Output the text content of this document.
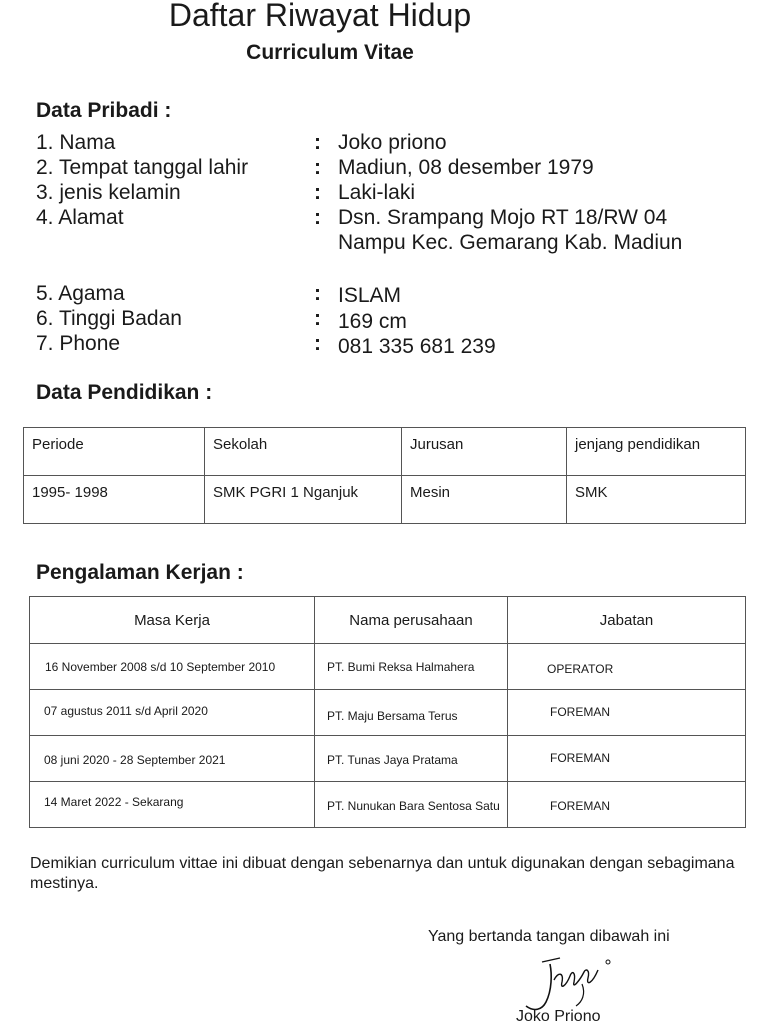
Daftar Riwayat Hidup
Curriculum Vitae
Data Pribadi :
1. Nama	: Joko priono
2. Tempat tanggal lahir	: Madiun, 08 desember 1979
3. jenis kelamin	: Laki-laki
4. Alamat	: Dsn. Srampang Mojo RT 18/RW 04
Nampu Kec. Gemarang Kab. Madiun
5. Agama	: ISLAM
6. Tinggi Badan	: 169 cm
7. Phone	: 081 335 681 239
Data Pendidikan :
Periode	Sekolah	Jurusan	jenjang pendidikan

1995- 1998	SMK PGRI 1 Nganjuk	Mesin	SMK
Pengalaman Kerjan :
Masa Kerja	Nama perusahaan	Jabatan

16 November 2008 s/d 10 September 2010	PT. Bumi Reksa Halmahera	OPERATOR

07 agustus 2011 s/d April 2020	PT. Maju Bersama Terus	FOREMAN

08 juni 2020 - 28 September 2021	PT. Tunas Jaya Pratama	FOREMAN

14 Maret 2022 - Sekarang	PT. Nunukan Bara Sentosa Satu	FOREMAN
Demikian curriculum vittae ini dibuat dengan sebenarnya dan untuk digunakan dengan sebagimana mestinya.
Yang bertanda tangan dibawah ini
Joko Priono
